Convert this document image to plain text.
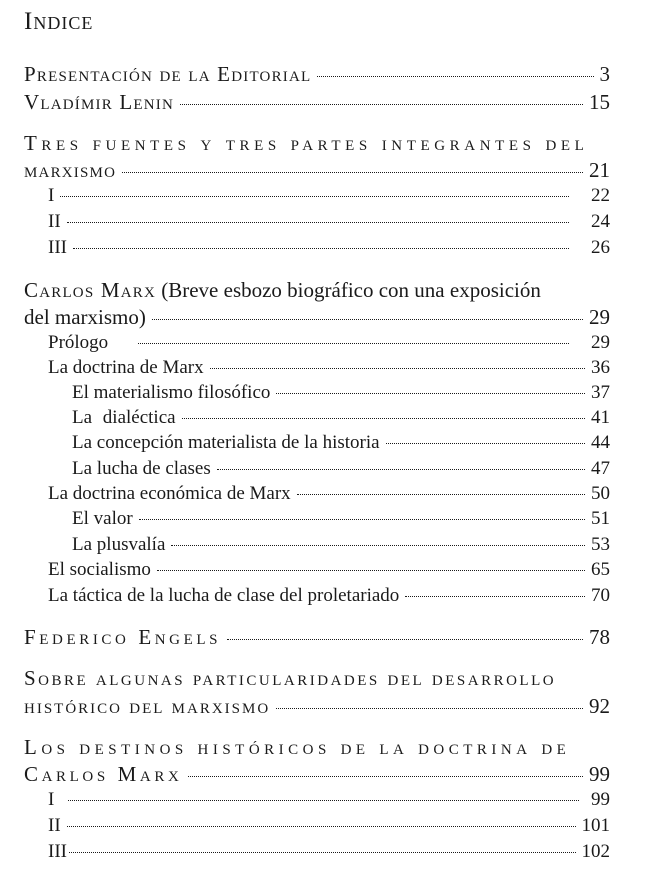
Indice
Presentación de la Editorial	3
Vladímir Lenin	15
Tres fuentes y tres partes integrantes del
marxismo	21
I	22
II	24
III	26
Carlos Marx (Breve esbozo biográfico con una exposición
del marxismo)	29
Prólogo	29
La doctrina de Marx	36
El materialismo filosófico	37
La dialéctica	41
La concepción materialista de la historia	44
La lucha de clases	47
La doctrina económica de Marx	50
El valor	51
La plusvalía	53
El socialismo	65
La táctica de la lucha de clase del proletariado	70
Federico Engels	78
Sobre algunas particularidades del desarrollo
histórico del marxismo	92
Los destinos históricos de la doctrina de
Carlos Marx	99
I	99
II	101
III	102
